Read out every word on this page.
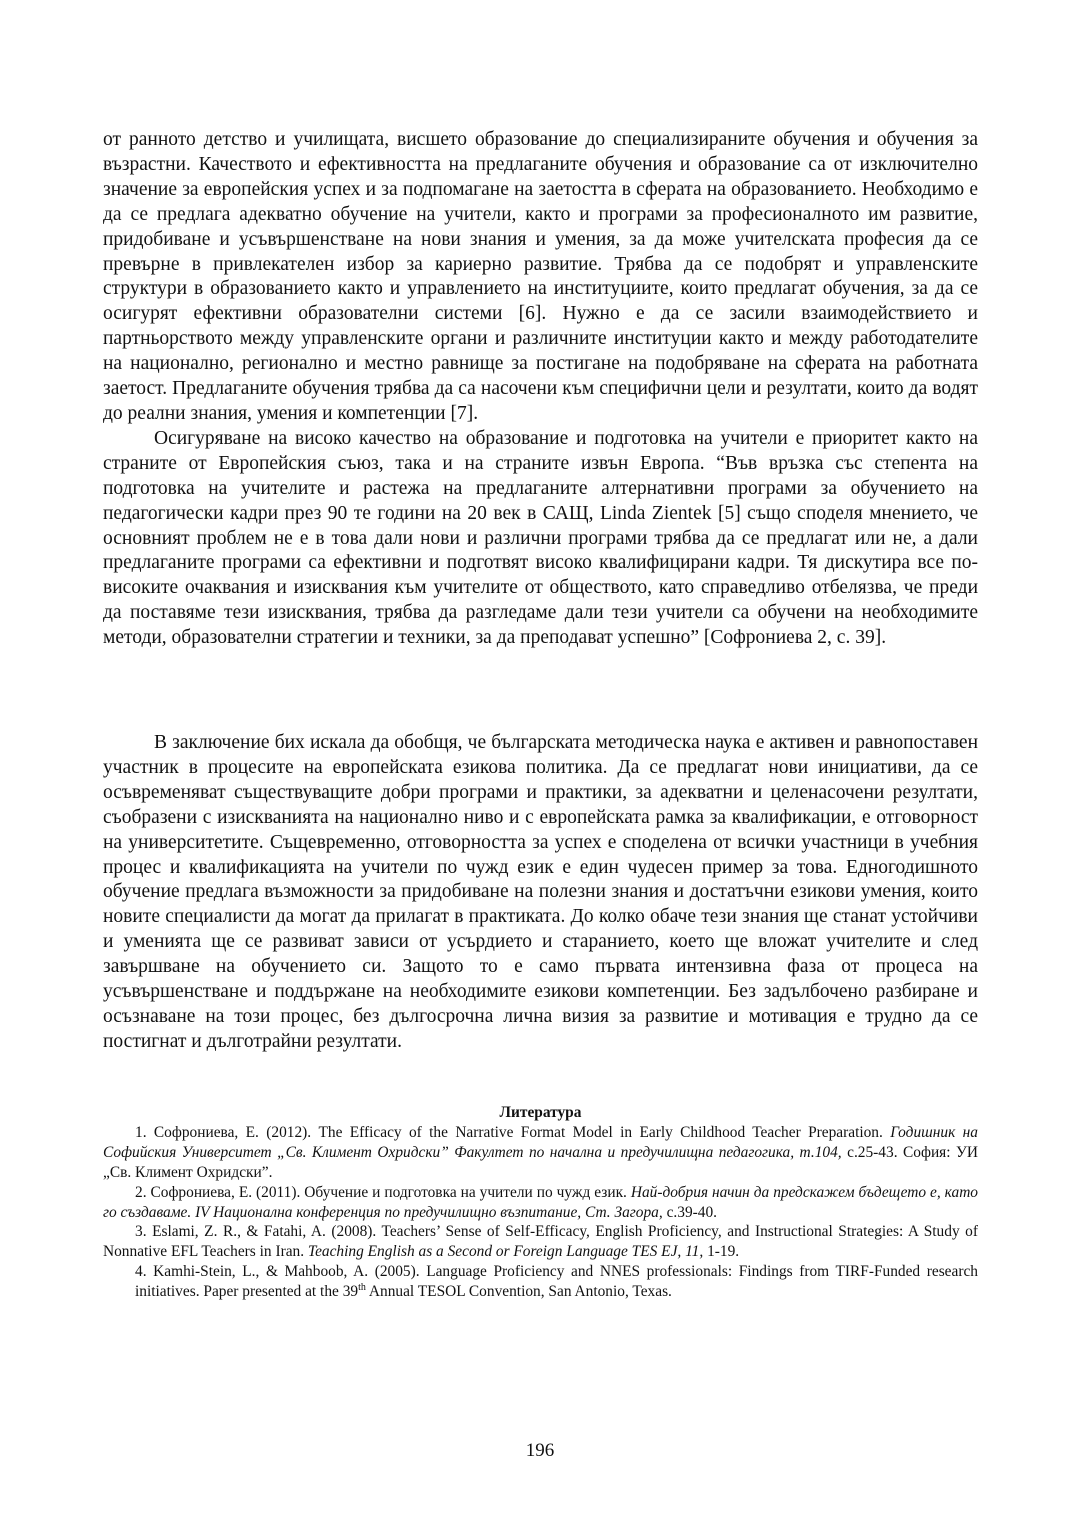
от ранното детство и училищата, висшето образование до специализираните обучения и обучения за възрастни. Качеството и ефективността на предлаганите обучения и образование са от изключително значение за европейския успех и за подпомагане на заетостта в сферата на образованието. Необходимо е да се предлага адекватно обучение на учители, както и програми за професионалното им развитие, придобиване и усъвършенстване на нови знания и умения, за да може учителската професия да се превърне в привлекателен избор за кариерно развитие. Трябва да се подобрят и управленските структури в образованието както и управлението на институциите, които предлагат обучения, за да се осигурят ефективни образователни системи [6]. Нужно е да се засили взаимодействието и партньорството между управленските органи и различните институции както и между работодателите на национално, регионално и местно равнище за постигане на подобряване на сферата на работната заетост. Предлаганите обучения трябва да са насочени към специфични цели и резултати, които да водят до реални знания, умения и компетенции [7].

Осигуряване на високо качество на образование и подготовка на учители е приоритет както на страните от Европейския съюз, така и на страните извън Европа. “Във връзка със степента на подготовка на учителите и растежа на предлаганите алтернативни програми за обучението на педагогически кадри през 90 те години на 20 век в САЩ, Linda Zientek [5] също споделя мнението, че основният проблем не е в това дали нови и различни програми трябва да се предлагат или не, а дали предлаганите програми са ефективни и подготвят високо квалифицирани кадри. Тя дискутира все по-високите очаквания и изисквания към учителите от обществото, като справедливо отбелязва, че преди да поставяме тези изисквания, трябва да разгледаме дали тези учители са обучени на необходимите методи, образователни стратегии и техники, за да преподават успешно” [Софрониева 2, с. 39].

В заключение бих искала да обобщя, че българската методическа наука е активен и равнопоставен участник в процесите на европейската езикова политика. Да се предлагат нови инициативи, да се осъвременяват съществуващите добри програми и практики, за адекватни и целенасочени резултати, съобразени с изискванията на националнo ниво и с европейската рамка за квалификации, е отговорност на университетите. Същевременно, отговорността за успех е споделена от всички участници в учебния процес и квалификацията на учители по чужд език е един чудесен пример за това. Едногодишното обучение предлага възможности за придобиване на полезни знания и достатъчни езикови умения, които новите специалисти да могат да прилагат в практиката. До колко обаче тези знания ще станат устойчиви и уменията ще се развиват зависи от усърдието и старанието, което ще вложат учителите и след завършване на обучението си. Защото то е само първата интензивна фаза от процеса на усъвършенстване и поддържане на необходимите езикови компетенции. Без задълбочено разбиране и осъзнаване на този процес, без дългосрочна лична визия за развитие и мотивация е трудно да се постигнат и дълготрайни резултати.

Литература

1. Софрониева, Е. (2012). The Efficacy of the Narrative Format Model in Early Childhood Teacher Preparation. Годишник на Софийския Университет „Св. Климент Охридски” Факултет по начална и предучилищна педагогика, т.104, с.25-43. София: УИ „Св. Климент Охридски”.

2. Софрониева, Е. (2011). Обучение и подготовка на учители по чужд език. Най-добрия начин да предскажем бъдещето е, като го създаваме. IV Национална конференция по предучилищно възпитание, Ст. Загора, с.39-40.

3. Eslami, Z. R., & Fatahi, A. (2008). Teachers’ Sense of Self-Efficacy, English Proficiency, and Instructional Strategies: A Study of Nonnative EFL Teachers in Iran. Teaching English as a Second or Foreign Language TES EJ, 11, 1-19.

4. Kamhi-Stein, L., & Mahboob, A. (2005). Language Proficiency and NNES professionals: Findings from TIRF-Funded research initiatives. Paper presented at the 39th Annual TESOL Convention, San Antonio, Texas.

196
